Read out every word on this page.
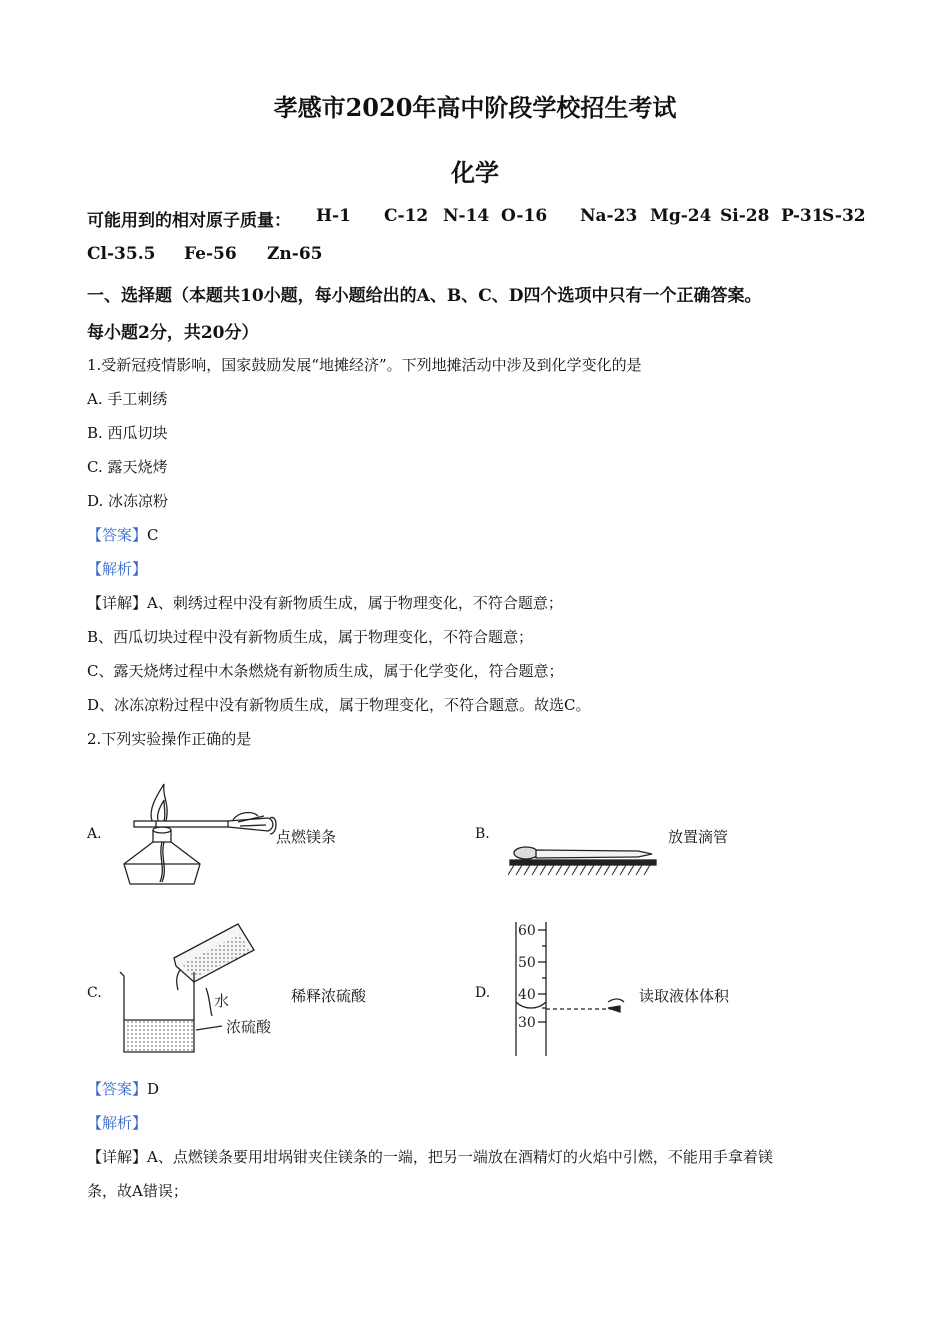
孝感市2020年高中阶段学校招生考试
化学
可能用到的相对原子质量： H-1 C-12 N-14 O-16 Na-23 Mg-24 Si-28 P-31
S-32
Cl-35.5 Fe-56 Zn-65
一、选择题（本题共10小题，每小题给出的A、B、C、D四个选项中只有一个正确答案。
每小题2分，共20分）
1.受新冠疫情影响，国家鼓励发展“地摊经济”。下列地摊活动中涉及到化学变化的是
A. 手工刺绣
B. 西瓜切块
C. 露天烧烤
D. 冰冻凉粉
【答案】C
【解析】
【详解】A、刺绣过程中没有新物质生成，属于物理变化，不符合题意；
B、西瓜切块过程中没有新物质生成，属于物理变化，不符合题意；
C、露天烧烤过程中木条燃烧有新物质生成，属于化学变化，符合题意；
D、冰冻凉粉过程中没有新物质生成，属于物理变化，不符合题意。故选C。
2.下列实验操作正确的是
A.	点燃镁条	B.	放置滴管
C.	稀释浓硫酸
水
浓硫酸
D.	读取液体体积
60
50
40
30
【答案】D
【解析】
【详解】A、点燃镁条要用坩埚钳夹住镁条的一端，把另一端放在酒精灯的火焰中引燃，不能用手拿着镁
条，故A错误；
